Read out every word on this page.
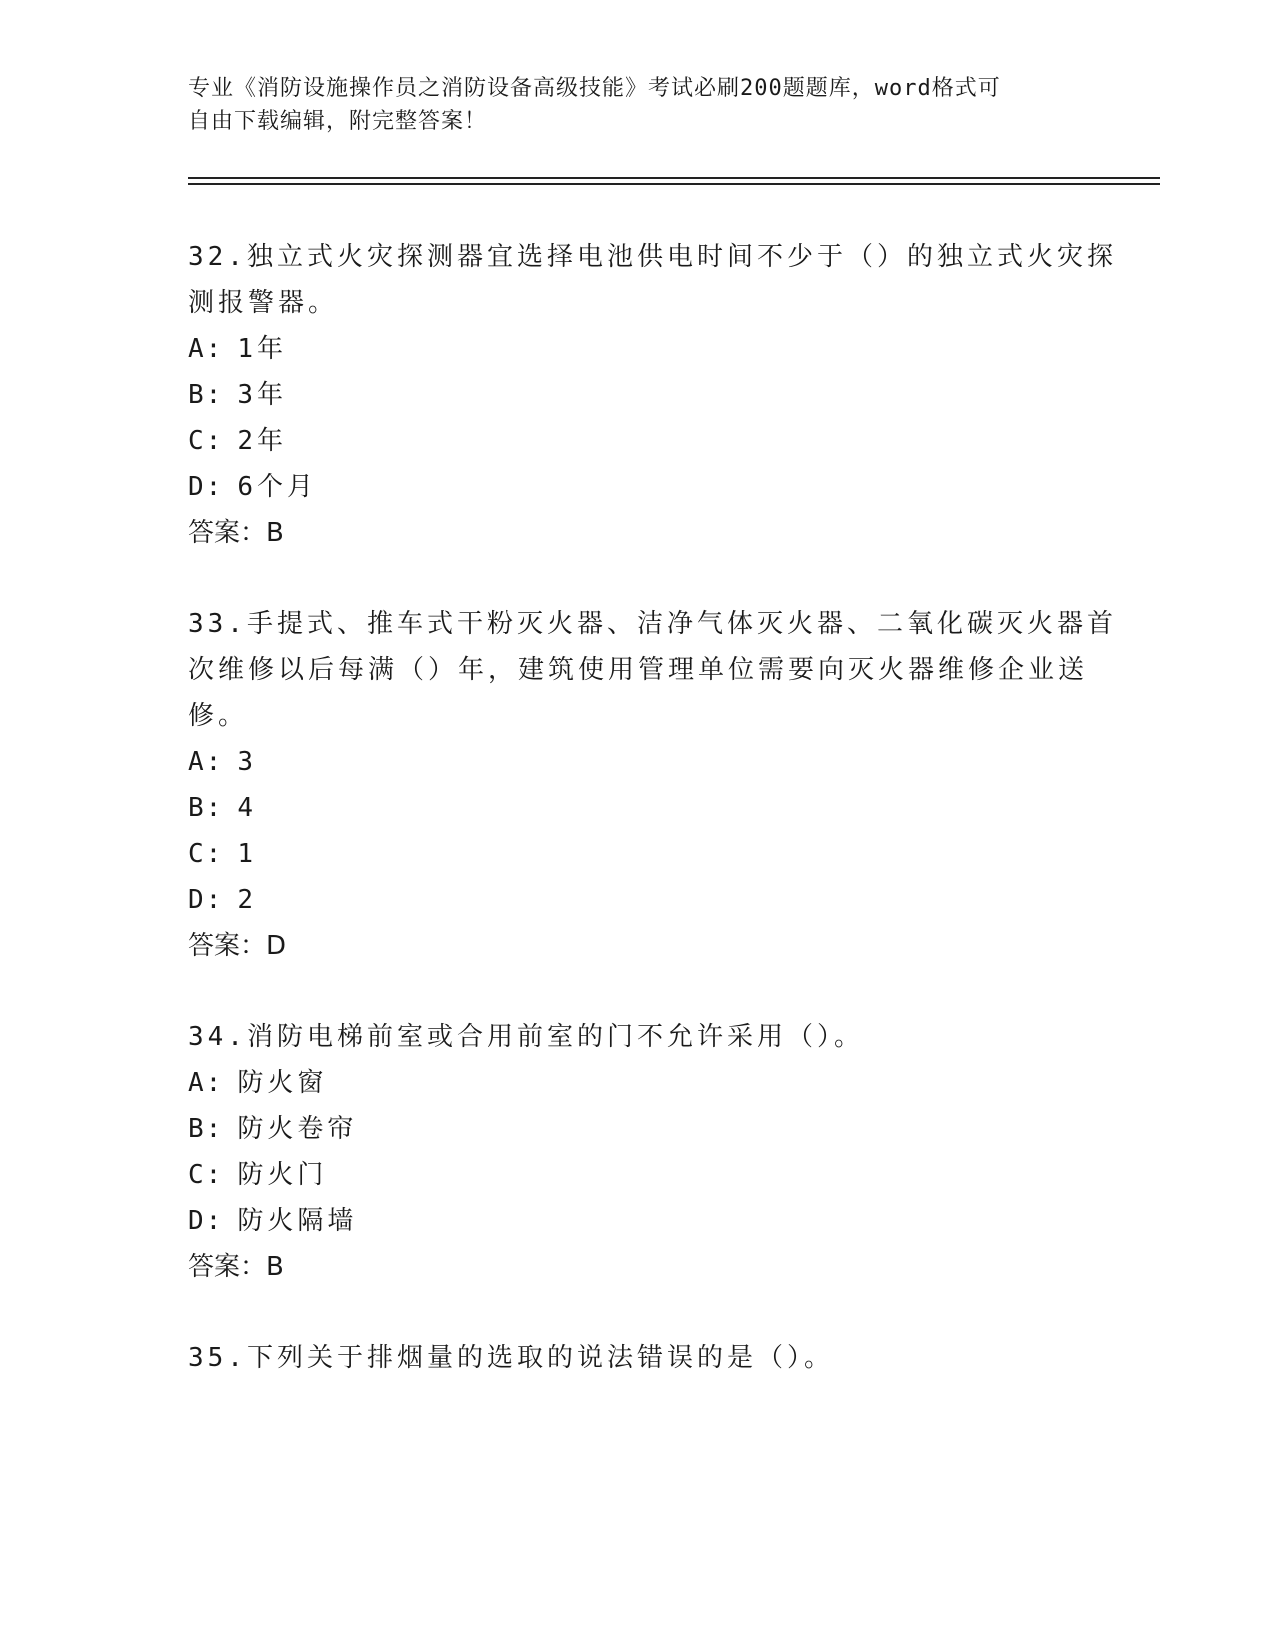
专业《消防设施操作员之消防设备高级技能》考试必刷200题题库，word格式可
自由下载编辑，附完整答案！
32.独立式火灾探测器宜选择电池供电时间不少于（）的独立式火灾探
测报警器。
A: 1年
B: 3年
C: 2年
D: 6个月
答案：B
33.手提式、推车式干粉灭火器、洁净气体灭火器、二氧化碳灭火器首
次维修以后每满（）年，建筑使用管理单位需要向灭火器维修企业送
修。
A: 3
B: 4
C: 1
D: 2
答案：D
34.消防电梯前室或合用前室的门不允许采用（）。
A: 防火窗
B: 防火卷帘
C: 防火门
D: 防火隔墙
答案：B
35.下列关于排烟量的选取的说法错误的是（）。
